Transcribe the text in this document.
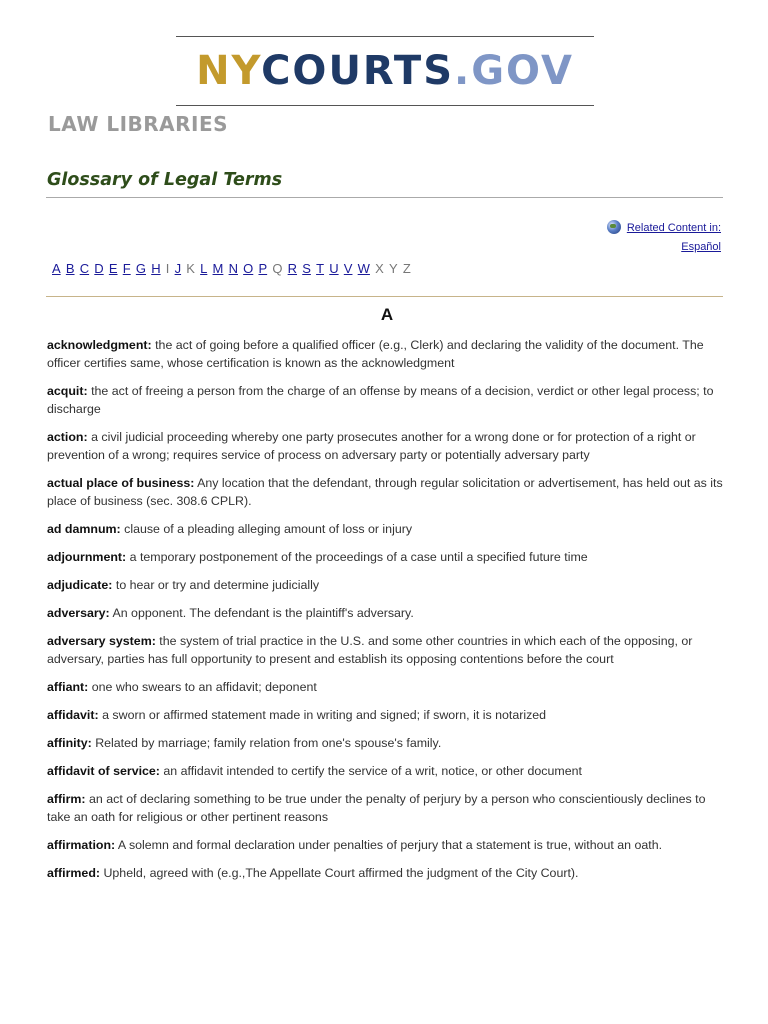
NYCOURTS.GOV
LAW LIBRARIES
Glossary of Legal Terms
Related Content in:
Español
A B C D E F G H I J K L M N O P Q R S T U V W X Y Z
A
acknowledgment: the act of going before a qualified officer (e.g., Clerk) and declaring the validity of the document. The officer certifies same, whose certification is known as the acknowledgment
acquit: the act of freeing a person from the charge of an offense by means of a decision, verdict or other legal process; to discharge
action: a civil judicial proceeding whereby one party prosecutes another for a wrong done or for protection of a right or prevention of a wrong; requires service of process on adversary party or potentially adversary party
actual place of business: Any location that the defendant, through regular solicitation or advertisement, has held out as its place of business (sec. 308.6 CPLR).
ad damnum: clause of a pleading alleging amount of loss or injury
adjournment: a temporary postponement of the proceedings of a case until a specified future time
adjudicate: to hear or try and determine judicially
adversary: An opponent. The defendant is the plaintiff's adversary.
adversary system: the system of trial practice in the U.S. and some other countries in which each of the opposing, or adversary, parties has full opportunity to present and establish its opposing contentions before the court
affiant: one who swears to an affidavit; deponent
affidavit: a sworn or affirmed statement made in writing and signed; if sworn, it is notarized
affinity: Related by marriage; family relation from one's spouse's family.
affidavit of service: an affidavit intended to certify the service of a writ, notice, or other document
affirm: an act of declaring something to be true under the penalty of perjury by a person who conscientiously declines to take an oath for religious or other pertinent reasons
affirmation: A solemn and formal declaration under penalties of perjury that a statement is true, without an oath.
affirmed: Upheld, agreed with (e.g.,The Appellate Court affirmed the judgment of the City Court).
